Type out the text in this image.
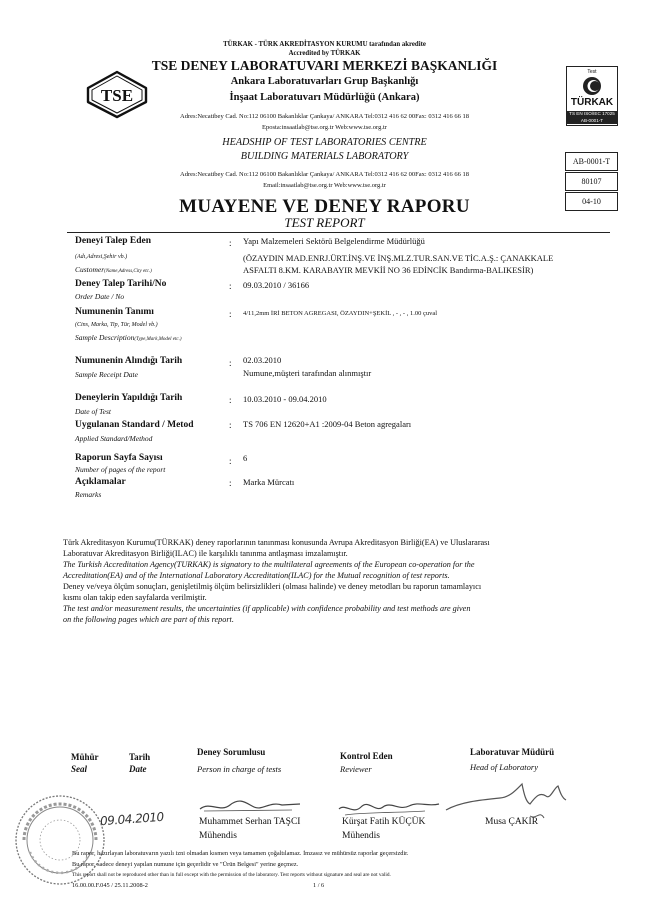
TÜRKAK - TÜRK AKREDİTASYON KURUMU tarafından akredite
Accredited by TÜRKAK
TSE
Test
TÜRKAK
TS EN ISO/IEC 17025
AB-0001-T
TSE DENEY LABORATUVARI MERKEZİ BAŞKANLIĞI
Ankara Laboratuvarları Grup Başkanlığı
İnşaat Laboratuvarı Müdürlüğü (Ankara)
Adres:Necatibey Cad. No:112 06100 Bakanlıklar Çankaya/ ANKARA Tel:0312 416 62 00Fax: 0312 416 66 18
Eposta:insaatlab@tse.org.tr Web:www.tse.org.tr
HEADSHIP OF TEST LABORATORIES CENTRE
BUILDING MATERIALS LABORATORY
Adres:Necatibey Cad. No:112 06100 Bakanlıklar Çankaya/ ANKARA Tel:0312 416 62 00Fax: 0312 416 66 18
Email:insaatlab@tse.org.tr Web:www.tse.org.tr
AB-0001-T
80107
04-10
MUAYENE VE DENEY RAPORU
TEST REPORT
Deneyi Talep Eden
(Adı,Adresi,Şehir vb.)
Customer(Name,Adress,City etc.)
: Yapı Malzemeleri Sektörü Belgelendirme Müdürlüğü
(ÖZAYDIN MAD.ENRJ.ÜRT.İNŞ.VE İNŞ.MLZ.TUR.SAN.VE TİC.A.Ş.: ÇANAKKALE
ASFALTI 8.KM. KARABAYIR MEVKİİ NO 36 EDİNCİK Bandırma-BALIKESİR)
Deney Talep Tarihi/No
Order Date / No
: 09.03.2010 / 36166
Numunenin Tanımı
(Cins, Marka, Tip, Tür, Model vb.)
Sample Description(Type,Mark,Model etc.)
: 4/11,2mm İRİ BETON AGREGASI, ÖZAYDIN+ŞEKİL , - , - , 1.00 çuval
Numunenin Alındığı Tarih
Sample Receipt Date
: 02.03.2010
Numune,müşteri tarafından alınmıştır
Deneylerin Yapıldığı Tarih
Date of Test
: 10.03.2010 - 09.04.2010
Uygulanan Standard / Metod
Applied Standard/Method
: TS 706 EN 12620+A1 :2009-04 Beton agregaları
Raporun Sayfa Sayısı
Number of pages of the report
: 6
Açıklamalar
Remarks
: Marka Mürcatı
Türk Akreditasyon Kurumu(TÜRKAK) deney raporlarının tanınması konusunda Avrupa Akreditasyon Birliği(EA) ve Uluslararası
Laboratuvar Akreditasyon Birliği(ILAC) ile karşılıklı tanınma antlaşması imzalamıştır.
The Turkish Accreditation Agency(TURKAK) is signatory to the multilateral agreements of the European co-operation for the
Accreditation(EA) and of the International Laboratory Accreditation(ILAC) for the Mutual recognition of test reports.
Deney ve/veya ölçüm sonuçları, genişletilmiş ölçüm belirsizlikleri (olması halinde) ve deney metodları bu raporun tamamlayıcı
kısmı olan takip eden sayfalarda verilmiştir.
The test and/or measurement results, the uncertainties (if applicable) with confidence probability and test methods are given
on the following pages which are part of this report.
Mühür
Seal
Tarih
Date
Deney Sorumlusu
Person in charge of tests
Kontrol Eden
Reviewer
Laboratuvar Müdürü
Head of Laboratory
09.04.2010	Muhammet Serhan TAŞCI
Mühendis
Kürşat Fatih KÜÇÜK
Mühendis
Musa ÇAKIR
Bu rapor, hazırlayan laboratuvarın yazılı izni olmadan kısmen veya tamamen çoğaltılamaz. İmzasız ve mühürsüz raporlar geçersizdir.
Bu rapor, sadece deneyi yapılan numune için geçerlidir ve "Ürün Belgesi" yerine geçmez.
This report shall not be reproduced other than in full except with the permission of the laboratory. Test reports without signature and seal are not valid.
16.00.00.F.045 / 25.11.2008-2	1 / 6
